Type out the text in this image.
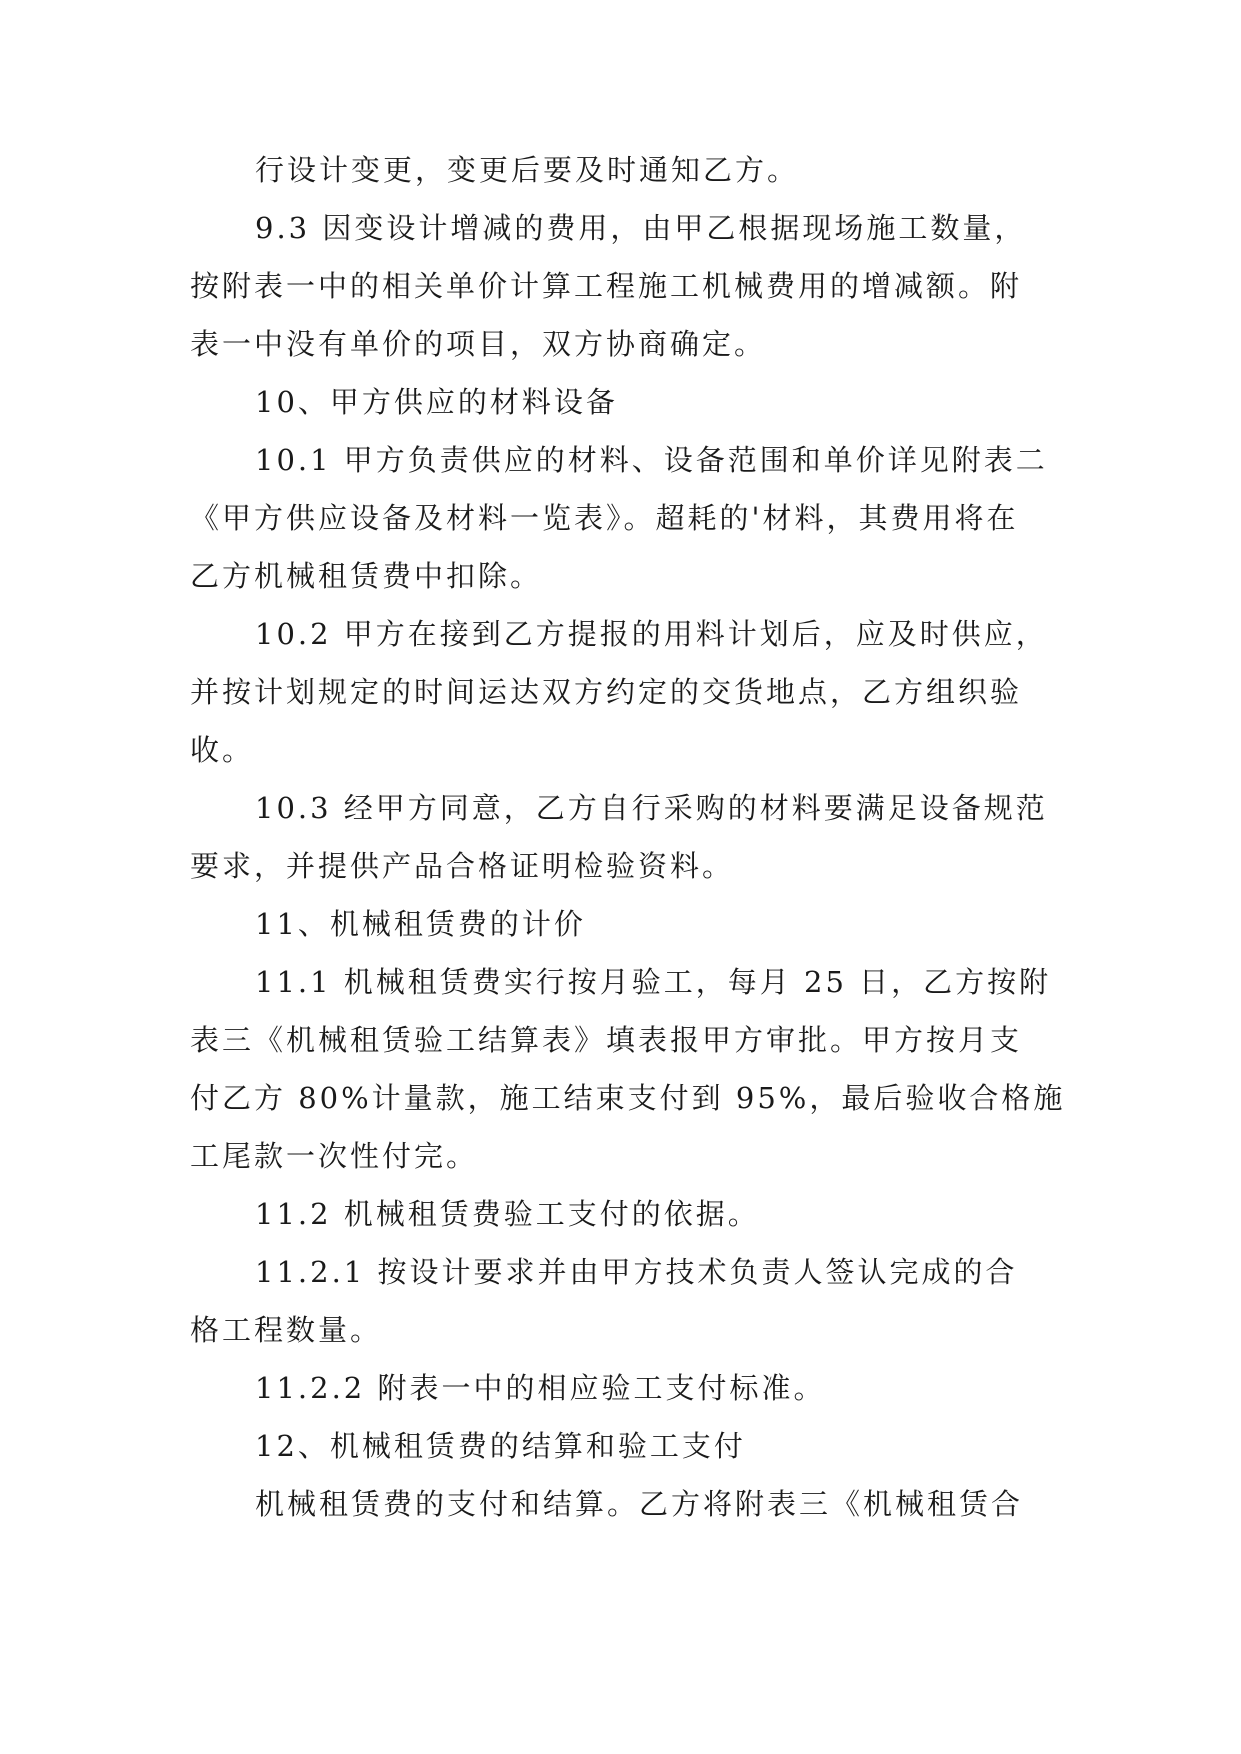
行设计变更，变更后要及时通知乙方。
9.3 因变设计增减的费用，由甲乙根据现场施工数量，
按附表一中的相关单价计算工程施工机械费用的增减额。附
表一中没有单价的项目，双方协商确定。
10、甲方供应的材料设备
10.1 甲方负责供应的材料、设备范围和单价详见附表二
《甲方供应设备及材料一览表》。超耗的'材料，其费用将在
乙方机械租赁费中扣除。
10.2 甲方在接到乙方提报的用料计划后，应及时供应，
并按计划规定的时间运达双方约定的交货地点，乙方组织验
收。
10.3 经甲方同意，乙方自行采购的材料要满足设备规范
要求，并提供产品合格证明检验资料。
11、机械租赁费的计价
11.1 机械租赁费实行按月验工，每月 25 日，乙方按附
表三《机械租赁验工结算表》填表报甲方审批。甲方按月支
付乙方 80%计量款，施工结束支付到 95%，最后验收合格施
工尾款一次性付完。
11.2 机械租赁费验工支付的依据。
11.2.1 按设计要求并由甲方技术负责人签认完成的合
格工程数量。
11.2.2 附表一中的相应验工支付标准。
12、机械租赁费的结算和验工支付
机械租赁费的支付和结算。乙方将附表三《机械租赁合
